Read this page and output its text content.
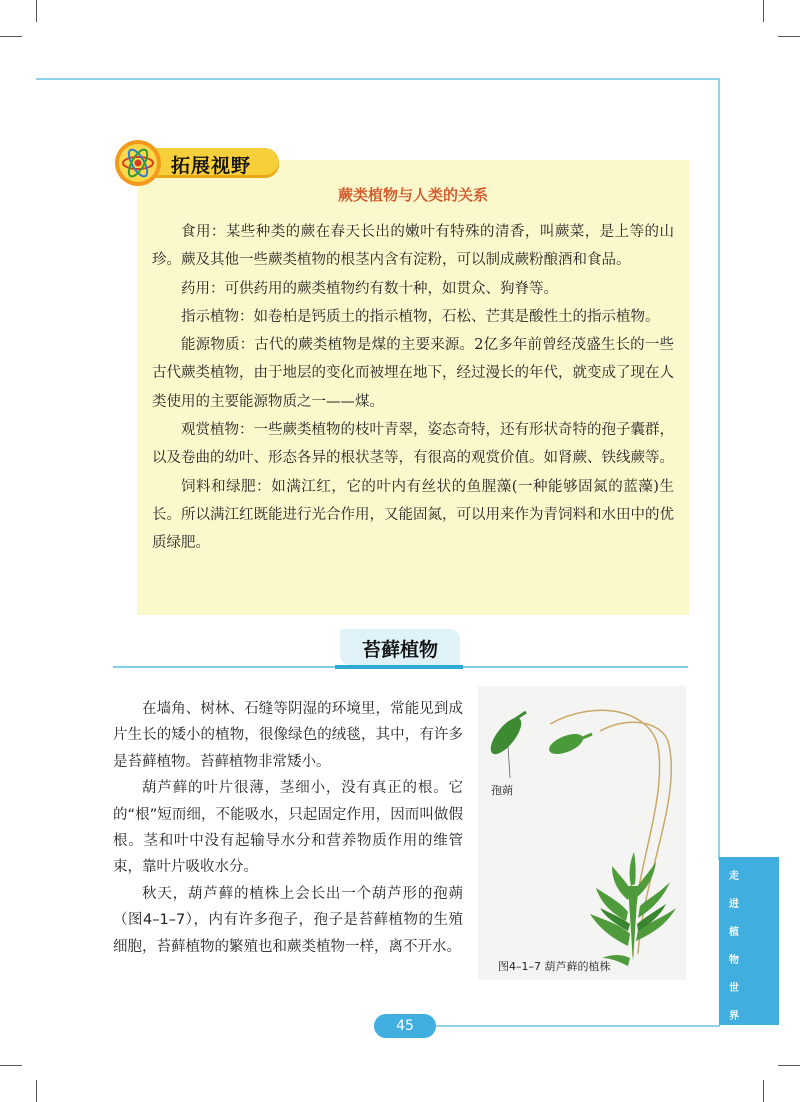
拓展视野
蕨类植物与人类的关系

食用：某些种类的蕨在春天长出的嫩叶有特殊的清香，叫蕨菜，是上等的山珍。蕨及其他一些蕨类植物的根茎内含有淀粉，可以制成蕨粉酿酒和食品。

药用：可供药用的蕨类植物约有数十种，如贯众、狗脊等。

指示植物：如卷柏是钙质土的指示植物，石松、芒萁是酸性土的指示植物。

能源物质：古代的蕨类植物是煤的主要来源。2亿多年前曾经茂盛生长的一些古代蕨类植物，由于地层的变化而被埋在地下，经过漫长的年代，就变成了现在人类使用的主要能源物质之一——煤。

观赏植物：一些蕨类植物的枝叶青翠，姿态奇特，还有形状奇特的孢子囊群，以及卷曲的幼叶、形态各异的根状茎等，有很高的观赏价值。如肾蕨、铁线蕨等。

饲料和绿肥：如满江红，它的叶内有丝状的鱼腥藻(一种能够固氮的蓝藻)生长。所以满江红既能进行光合作用，又能固氮，可以用来作为青饲料和水田中的优质绿肥。

苔藓植物

在墙角、树林、石缝等阴湿的环境里，常能见到成片生长的矮小的植物，很像绿色的绒毯，其中，有许多是苔藓植物。苔藓植物非常矮小。

葫芦藓的叶片很薄，茎细小，没有真正的根。它的“根”短而细，不能吸水，只起固定作用，因而叫做假根。茎和叶中没有起输导水分和营养物质作用的维管束，靠叶片吸收水分。

秋天，葫芦藓的植株上会长出一个葫芦形的孢蒴（图4–1–7），内有许多孢子，孢子是苔藓植物的生殖细胞，苔藓植物的繁殖也和蕨类植物一样，离不开水。

孢蒴
图4–1–7 葫芦藓的植株
走
进
植
物
世
界
45
